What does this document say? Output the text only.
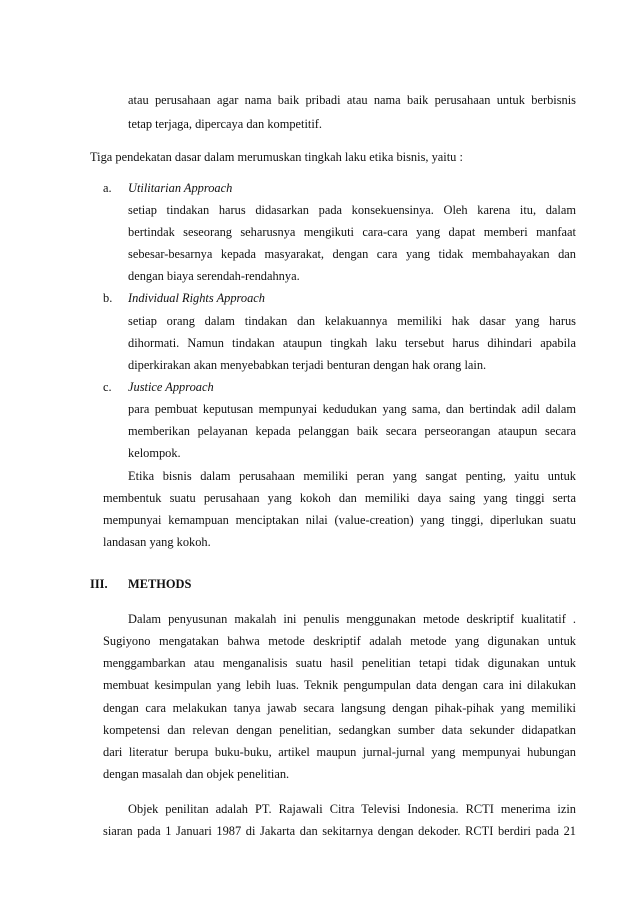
atau perusahaan agar nama baik pribadi atau nama baik perusahaan untuk berbisnis
tetap terjaga, dipercaya dan kompetitif.
Tiga pendekatan dasar dalam merumuskan tingkah laku etika bisnis, yaitu :
a. Utilitarian Approach
setiap tindakan harus didasarkan pada konsekuensinya. Oleh karena itu, dalam
bertindak seseorang seharusnya mengikuti cara-cara yang dapat memberi manfaat
sebesar-besarnya kepada masyarakat, dengan cara yang tidak membahayakan dan
dengan biaya serendah-rendahnya.
b. Individual Rights Approach
setiap orang dalam tindakan dan kelakuannya memiliki hak dasar yang harus
dihormati. Namun tindakan ataupun tingkah laku tersebut harus dihindari apabila
diperkirakan akan menyebabkan terjadi benturan dengan hak orang lain.
c. Justice Approach
para pembuat keputusan mempunyai kedudukan yang sama, dan bertindak adil dalam
memberikan pelayanan kepada pelanggan baik secara perseorangan ataupun secara
kelompok.
Etika bisnis dalam perusahaan memiliki peran yang sangat penting, yaitu untuk
membentuk suatu perusahaan yang kokoh dan memiliki daya saing yang tinggi serta
mempunyai kemampuan menciptakan nilai (value-creation) yang tinggi, diperlukan suatu
landasan yang kokoh.
III. METHODS
Dalam penyusunan makalah ini penulis menggunakan metode deskriptif kualitatif .
Sugiyono mengatakan bahwa metode deskriptif adalah metode yang digunakan untuk
menggambarkan atau menganalisis suatu hasil penelitian tetapi tidak digunakan untuk
membuat kesimpulan yang lebih luas. Teknik pengumpulan data dengan cara ini dilakukan
dengan cara melakukan tanya jawab secara langsung dengan pihak-pihak yang memiliki
kompetensi dan relevan dengan penelitian, sedangkan sumber data sekunder didapatkan
dari literatur berupa buku-buku, artikel maupun jurnal-jurnal yang mempunyai hubungan
dengan masalah dan objek penelitian.
Objek penilitan adalah PT. Rajawali Citra Televisi Indonesia. RCTI menerima izin
siaran pada 1 Januari 1987 di Jakarta dan sekitarnya dengan dekoder. RCTI berdiri pada 21
